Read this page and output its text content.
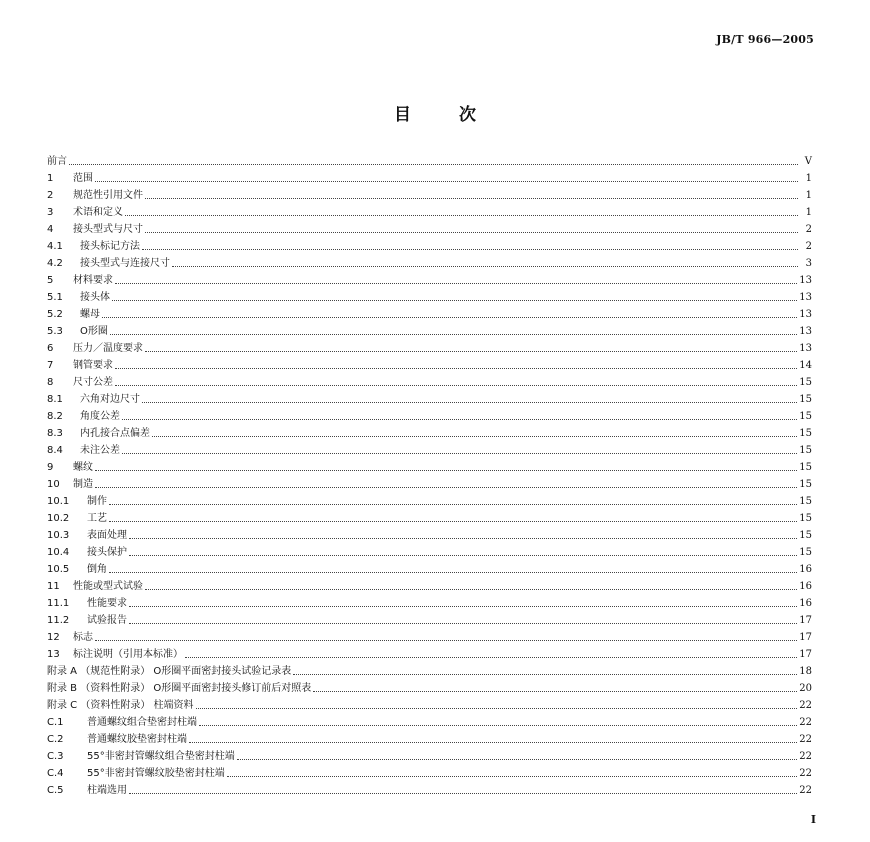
JB/T 966—2005
目次
前言	V
1	范围	1
2	规范性引用文件	1
3	术语和定义	1
4	接头型式与尺寸	2
4.1	接头标记方法	2
4.2	接头型式与连接尺寸	3
5	材料要求	13
5.1	接头体	13
5.2	螺母	13
5.3	O形圈	13
6	压力／温度要求	13
7	钢管要求	14
8	尺寸公差	15
8.1	六角对边尺寸	15
8.2	角度公差	15
8.3	内孔接合点偏差	15
8.4	未注公差	15
9	螺纹	15
10	制造	15
10.1	制作	15
10.2	工艺	15
10.3	表面处理	15
10.4	接头保护	15
10.5	倒角	16
11	性能或型式试验	16
11.1	性能要求	16
11.2	试验报告	17
12	标志	17
13	标注说明（引用本标准）	17
附录 A （规范性附录） O形圈平面密封接头试验记录表	18
附录 B （资料性附录） O形圈平面密封接头修订前后对照表	20
附录 C （资料性附录） 柱端资料	22
C.1	普通螺纹组合垫密封柱端	22
C.2	普通螺纹胶垫密封柱端	22
C.3	55°非密封管螺纹组合垫密封柱端	22
C.4	55°非密封管螺纹胶垫密封柱端	22
C.5	柱端选用	22
I
